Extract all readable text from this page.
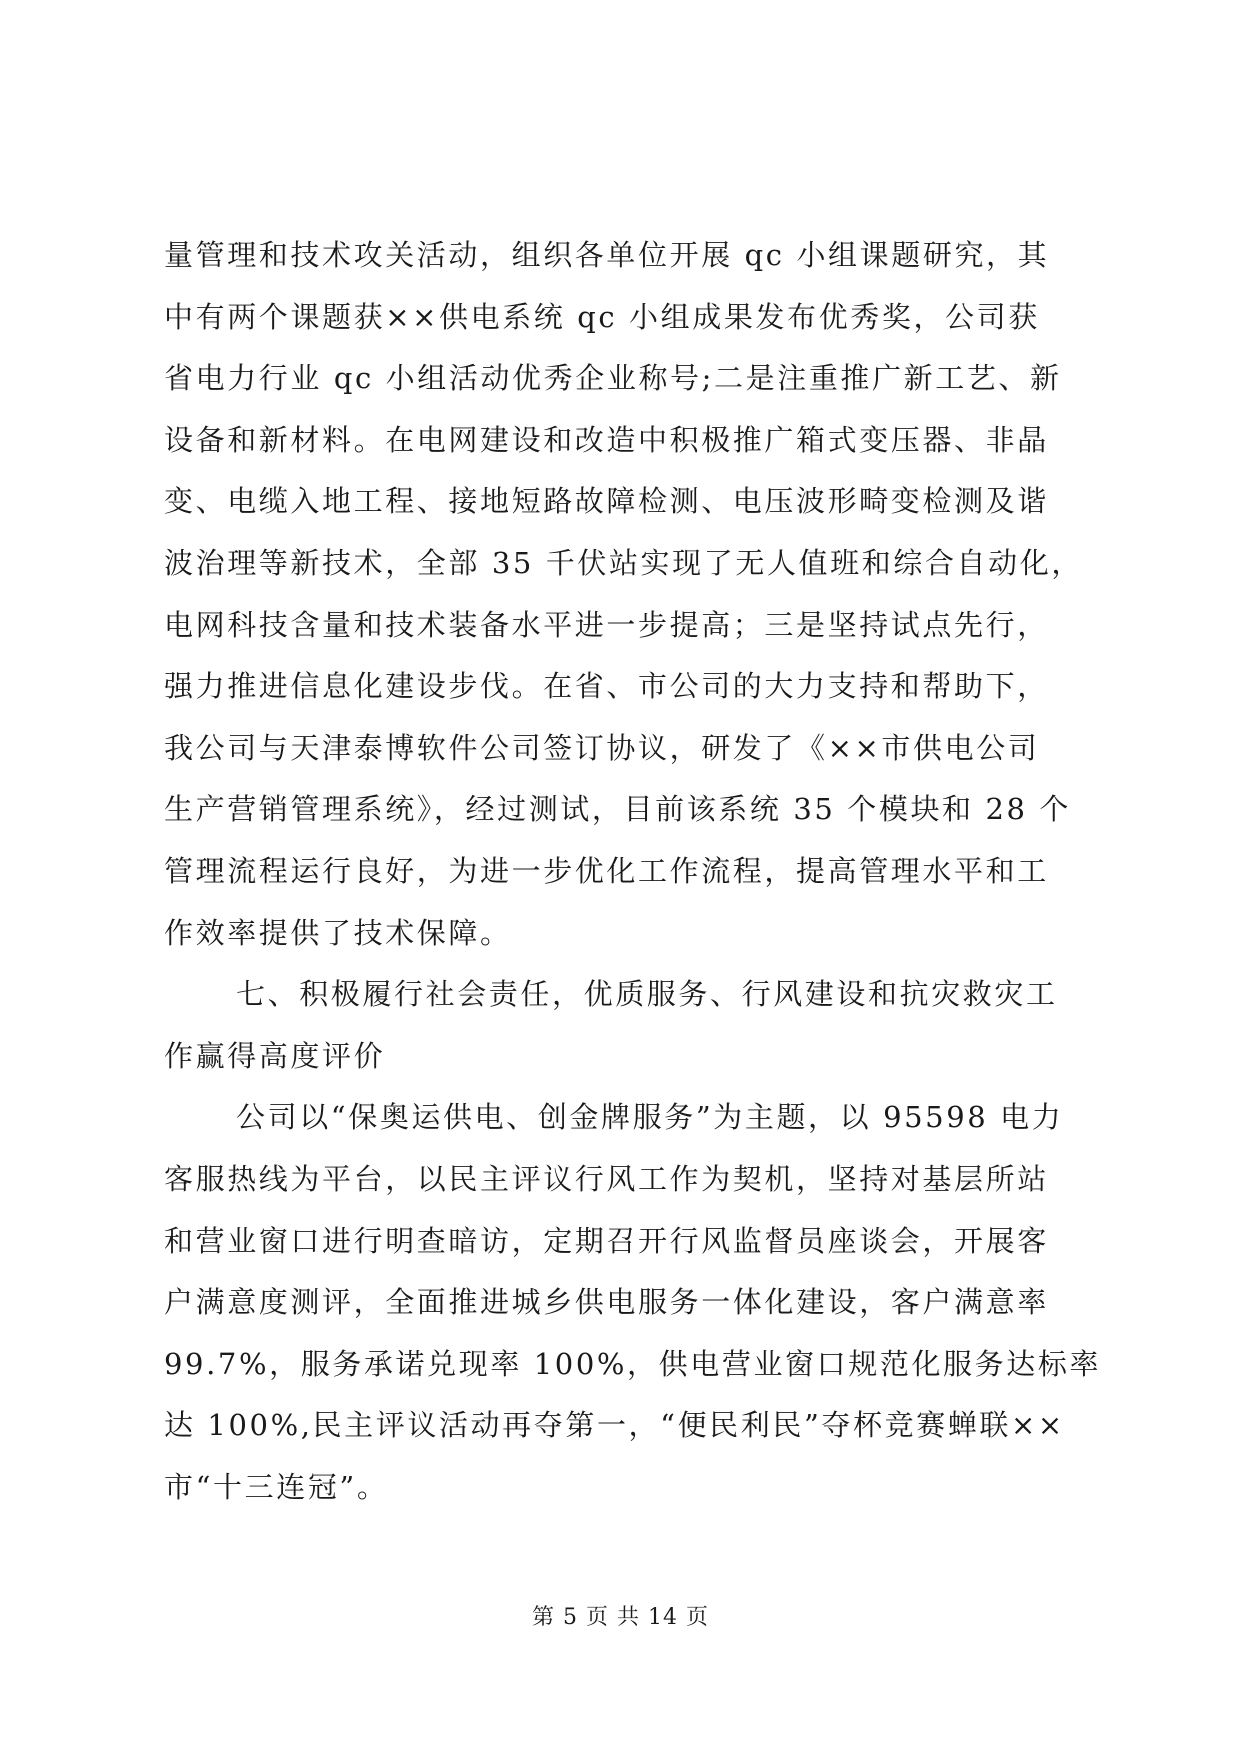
量管理和技术攻关活动，组织各单位开展 qc 小组课题研究，其
中有两个课题获××供电系统 qc 小组成果发布优秀奖，公司获
省电力行业 qc 小组活动优秀企业称号;二是注重推广新工艺、新
设备和新材料。在电网建设和改造中积极推广箱式变压器、非晶
变、电缆入地工程、接地短路故障检测、电压波形畸变检测及谐
波治理等新技术，全部 35 千伏站实现了无人值班和综合自动化，
电网科技含量和技术装备水平进一步提高；三是坚持试点先行，
强力推进信息化建设步伐。在省、市公司的大力支持和帮助下，
我公司与天津泰博软件公司签订协议，研发了《××市供电公司
生产营销管理系统》，经过测试，目前该系统 35 个模块和 28 个
管理流程运行良好，为进一步优化工作流程，提高管理水平和工
作效率提供了技术保障。
七、积极履行社会责任，优质服务、行风建设和抗灾救灾工
作赢得高度评价
公司以“保奥运供电、创金牌服务”为主题，以 95598 电力
客服热线为平台，以民主评议行风工作为契机，坚持对基层所站
和营业窗口进行明查暗访，定期召开行风监督员座谈会，开展客
户满意度测评，全面推进城乡供电服务一体化建设，客户满意率
99.7%，服务承诺兑现率 100%，供电营业窗口规范化服务达标率
达 100%,民主评议活动再夺第一，“便民利民”夺杯竞赛蝉联××
市“十三连冠”。
第 5 页 共 14 页
